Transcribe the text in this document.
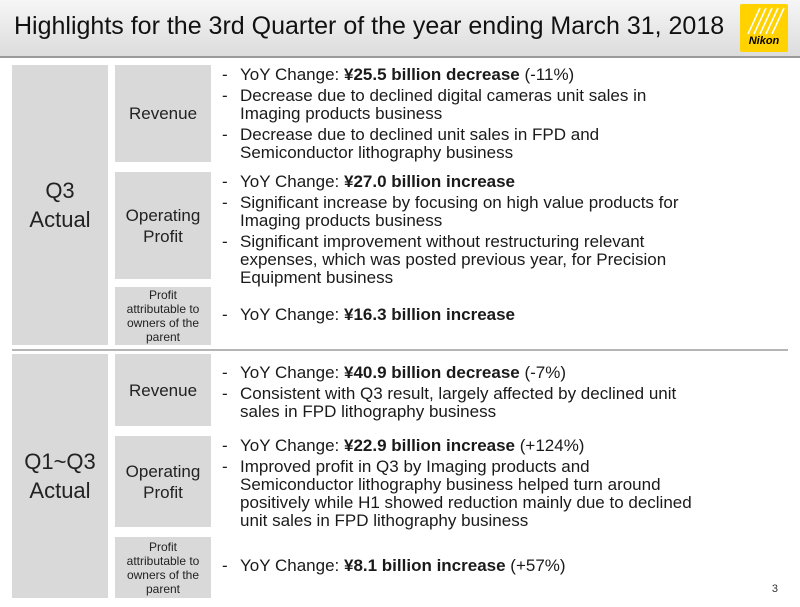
Highlights for the 3rd Quarter of the year ending March 31, 2018
Nikon
Q3
Actual
Revenue
Operating
Profit
Profit
attributable to
owners of the
parent
- YoY Change: ¥25.5 billion decrease (-11%)
- Decrease due to declined digital cameras unit sales in
Imaging products business
- Decrease due to declined unit sales in FPD and
Semiconductor lithography business
- YoY Change: ¥27.0 billion increase
- Significant increase by focusing on high value products for
Imaging products business
- Significant improvement without restructuring relevant
expenses, which was posted previous year, for Precision
Equipment business
- YoY Change: ¥16.3 billion increase
Q1~Q3
Actual
Revenue
Operating
Profit
Profit
attributable to
owners of the
parent
- YoY Change: ¥40.9 billion decrease (-7%)
- Consistent with Q3 result, largely affected by declined unit
sales in FPD lithography business
- YoY Change: ¥22.9 billion increase (+124%)
- Improved profit in Q3 by Imaging products and
Semiconductor lithography business helped turn around
positively while H1 showed reduction mainly due to declined
unit sales in FPD lithography business
- YoY Change: ¥8.1 billion increase (+57%)
3
